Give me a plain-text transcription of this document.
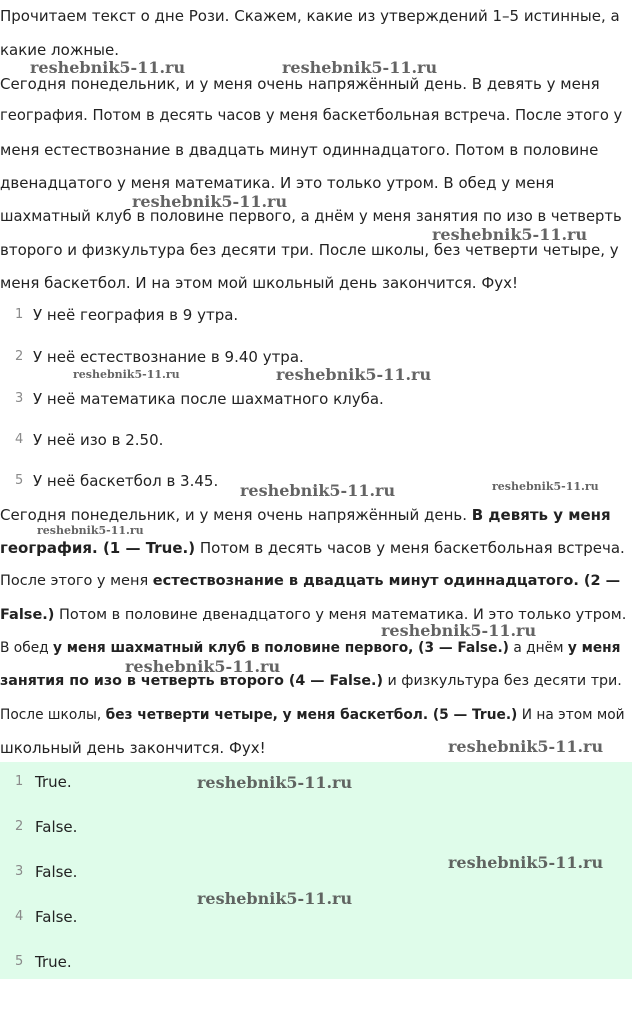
Прочитаем текст о дне Рози. Скажем, какие из утверждений 1–5 истинные, а
какие ложные.
Сегодня понедельник, и у меня очень напряжённый день. В девять у меня
география. Потом в десять часов у меня баскетбольная встреча. После этого у
меня естествознание в двадцать минут одиннадцатого. Потом в половине
двенадцатого у меня математика. И это только утром. В обед у меня
шахматный клуб в половине первого, а днём у меня занятия по изо в четверть
второго и физкультура без десяти три. После школы, без четверти четыре, у
меня баскетбол. И на этом мой школьный день закончится. Фух!
1 У неё география в 9 утра.
2 У неё естествознание в 9.40 утра.
3 У неё математика после шахматного клуба.
4 У неё изо в 2.50.
5 У неё баскетбол в 3.45.
Сегодня понедельник, и у меня очень напряжённый день. В девять у меня
география. (1 — True.) Потом в десять часов у меня баскетбольная встреча.
После этого у меня естествознание в двадцать минут одиннадцатого. (2 —
False.) Потом в половине двенадцатого у меня математика. И это только утром.
В обед у меня шахматный клуб в половине первого, (3 — False.) а днём у меня
занятия по изо в четверть второго (4 — False.) и физкультура без десяти три.
После школы, без четверти четыре, у меня баскетбол. (5 — True.) И на этом мой
школьный день закончится. Фух!
1 True.
2 False.
3 False.
4 False.
5 True.
reshebnik5-11.ru	reshebnik5-11.ru
reshebnik5-11.ru
reshebnik5-11.ru
reshebnik5-11.ru	reshebnik5-11.ru
reshebnik5-11.ru	reshebnik5-11.ru
reshebnik5-11.ru
reshebnik5-11.ru
reshebnik5-11.ru
reshebnik5-11.ru
reshebnik5-11.ru
reshebnik5-11.ru
reshebnik5-11.ru
